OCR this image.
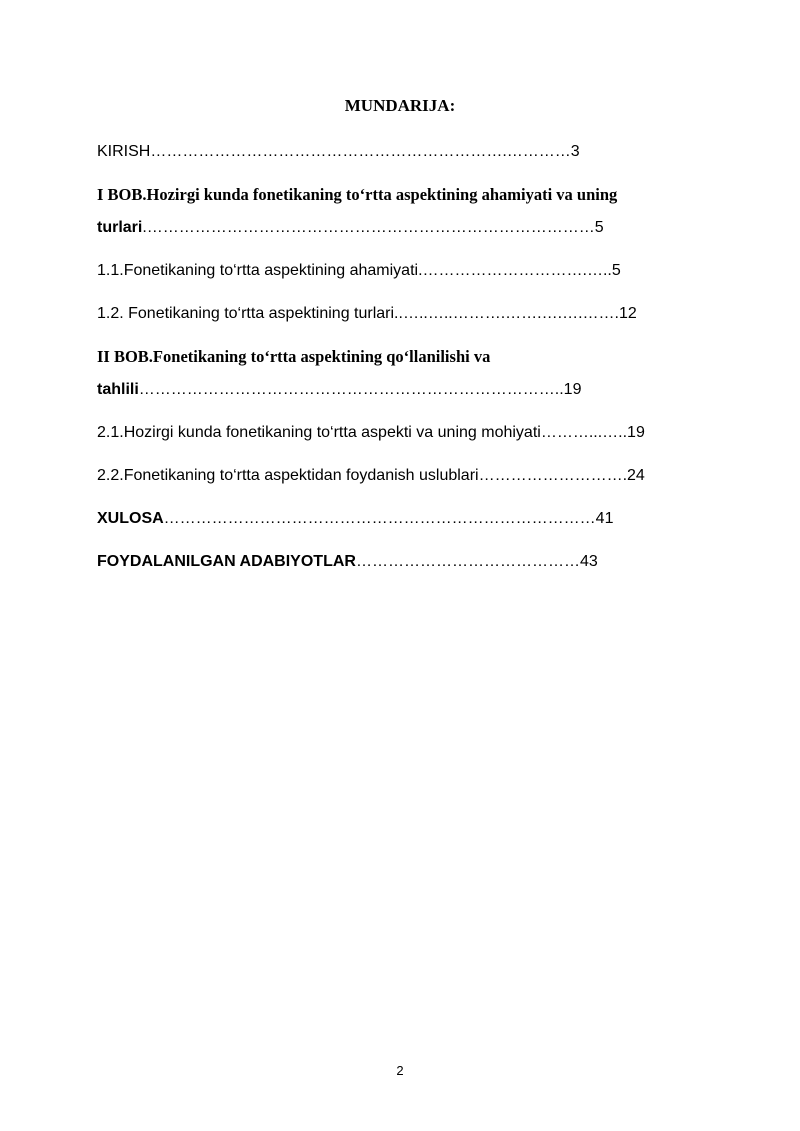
MUNDARIJA:
KIRISH………………………………………………………….…………3
I BOB.Hozirgi kunda fonetikaning to‘rtta aspektining ahamiyati va uning
turlari.…………………………………………………………………………5
1.1.Fonetikaning to‘rtta aspektining ahamiyati.………………………….…..5
1.2. Fonetikaning to‘rtta aspektining turlari..…..…..……….…….….….…….12
II BOB.Fonetikaning to‘rtta aspektining qo‘llanilishi va
tahlili……………………………………………………………………..19
2.1.Hozirgi kunda fonetikaning to‘rtta aspekti va uning mohiyati………...…..19
2.2.Fonetikaning to‘rtta aspektidan foydanish uslublari……………………….24
XULOSA………………………………………………………………………41
FOYDALANILGAN ADABIYOTLAR……………………………………43
2
